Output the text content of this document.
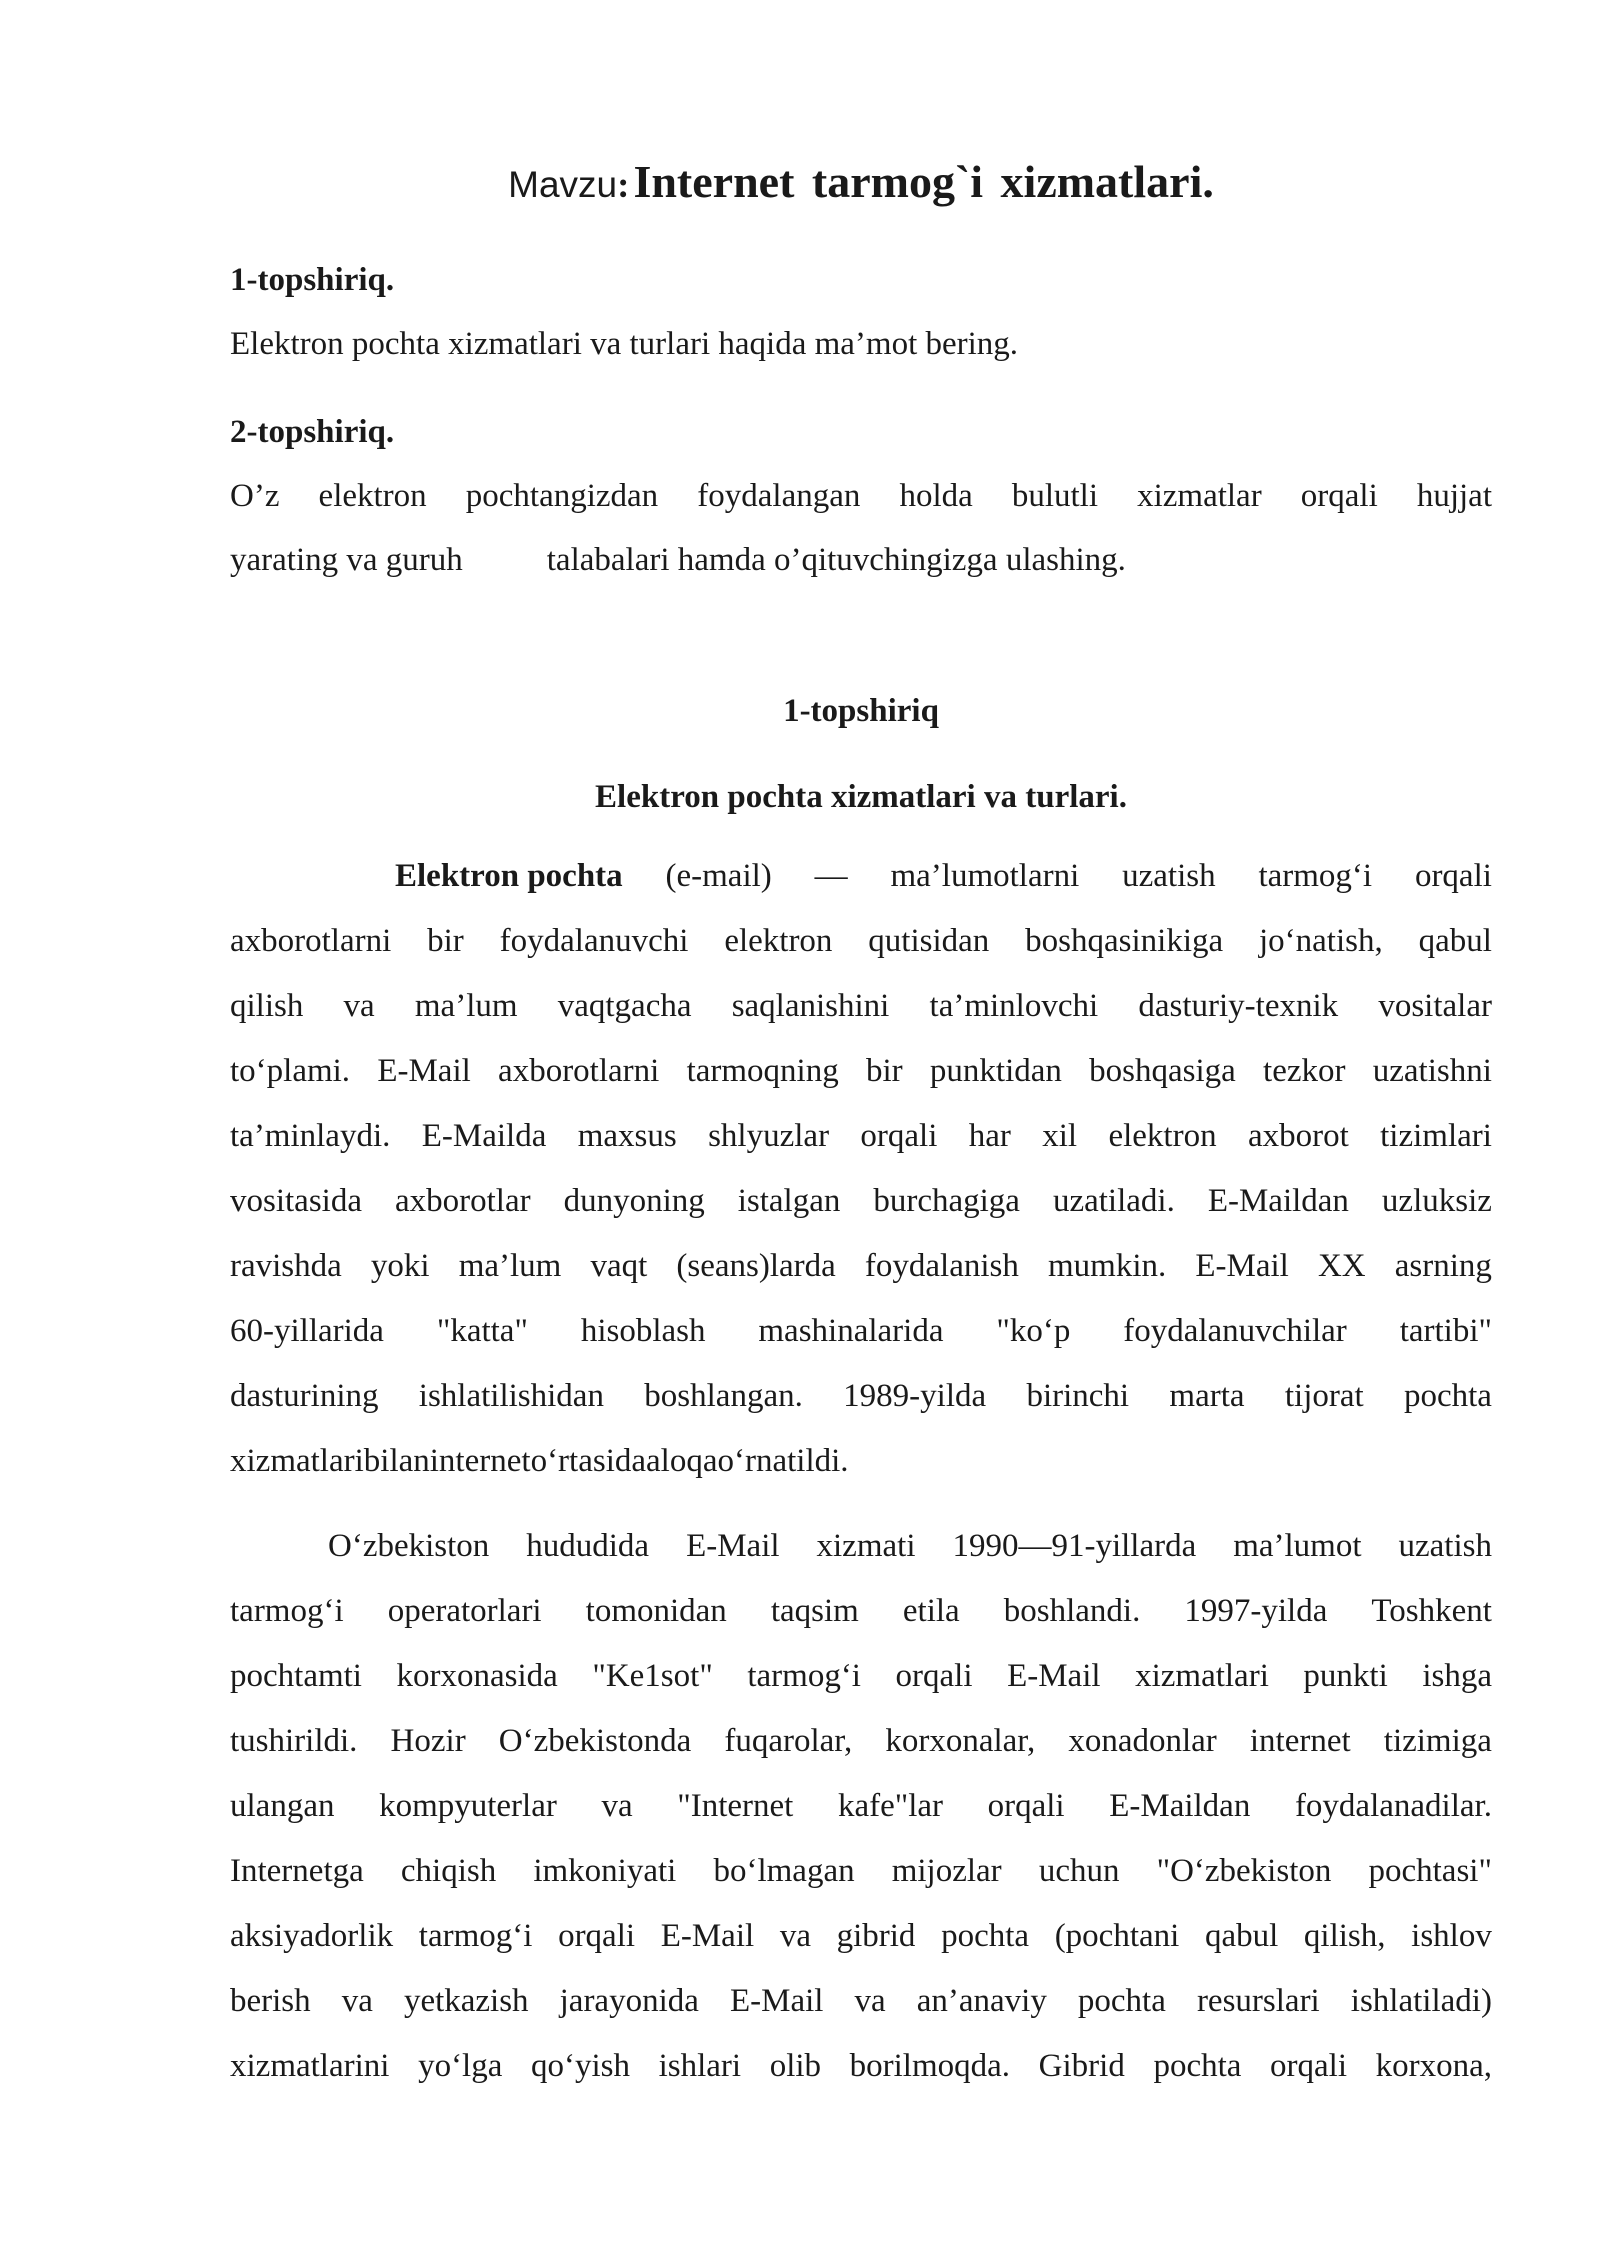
Mavzu: Internet tarmog`i xizmatlari.
1-topshiriq.
Elektron pochta xizmatlari va turlari haqida ma’mot bering.
2-topshiriq.
O’z elektron pochtangizdan foydalangan holda bulutli xizmatlar orqali hujjat
yarating va guruh	talabalari hamda o’qituvchingizga ulashing.
1-topshiriq
Elektron pochta xizmatlari va turlari.
Elektron pochta (e-mail) — ma’lumotlarni uzatish tarmog‘i orqali
axborotlarni bir foydalanuvchi elektron qutisidan boshqasinikiga jo‘natish, qabul
qilish va ma’lum vaqtgacha saqlanishini ta’minlovchi dasturiy-texnik vositalar
to‘plami. E-Mail axborotlarni tarmoqning bir punktidan boshqasiga tezkor uzatishni
ta’minlaydi. E-Mailda maxsus shlyuzlar orqali har xil elektron axborot tizimlari
vositasida axborotlar dunyoning istalgan burchagiga uzatiladi. E-Maildan uzluksiz
ravishda yoki ma’lum vaqt (seans)larda foydalanish mumkin. E-Mail XX asrning
60-yillarida "katta" hisoblash mashinalarida "ko‘p foydalanuvchilar tartibi"
dasturining ishlatilishidan boshlangan. 1989-yilda birinchi marta tijorat pochta
xizmatlari bilan internet o‘rtasida aloqa o‘rnatildi.
O‘zbekiston hududida E-Mail xizmati 1990—91-yillarda ma’lumot uzatish
tarmog‘i operatorlari tomonidan taqsim etila boshlandi. 1997-yilda Toshkent
pochtamti korxonasida "Ke1sot" tarmog‘i orqali E-Mail xizmatlari punkti ishga
tushirildi. Hozir O‘zbekistonda fuqarolar, korxonalar, xonadonlar internet tizimiga
ulangan kompyuterlar va "Internet kafe"lar orqali E-Maildan foydalanadilar.
Internetga chiqish imkoniyati bo‘lmagan mijozlar uchun "O‘zbekiston pochtasi"
aksiyadorlik tarmog‘i orqali E-Mail va gibrid pochta (pochtani qabul qilish, ishlov
berish va yetkazish jarayonida E-Mail va an’anaviy pochta resurslari ishlatiladi)
xizmatlarini yo‘lga qo‘yish ishlari olib borilmoqda. Gibrid pochta orqali korxona,
